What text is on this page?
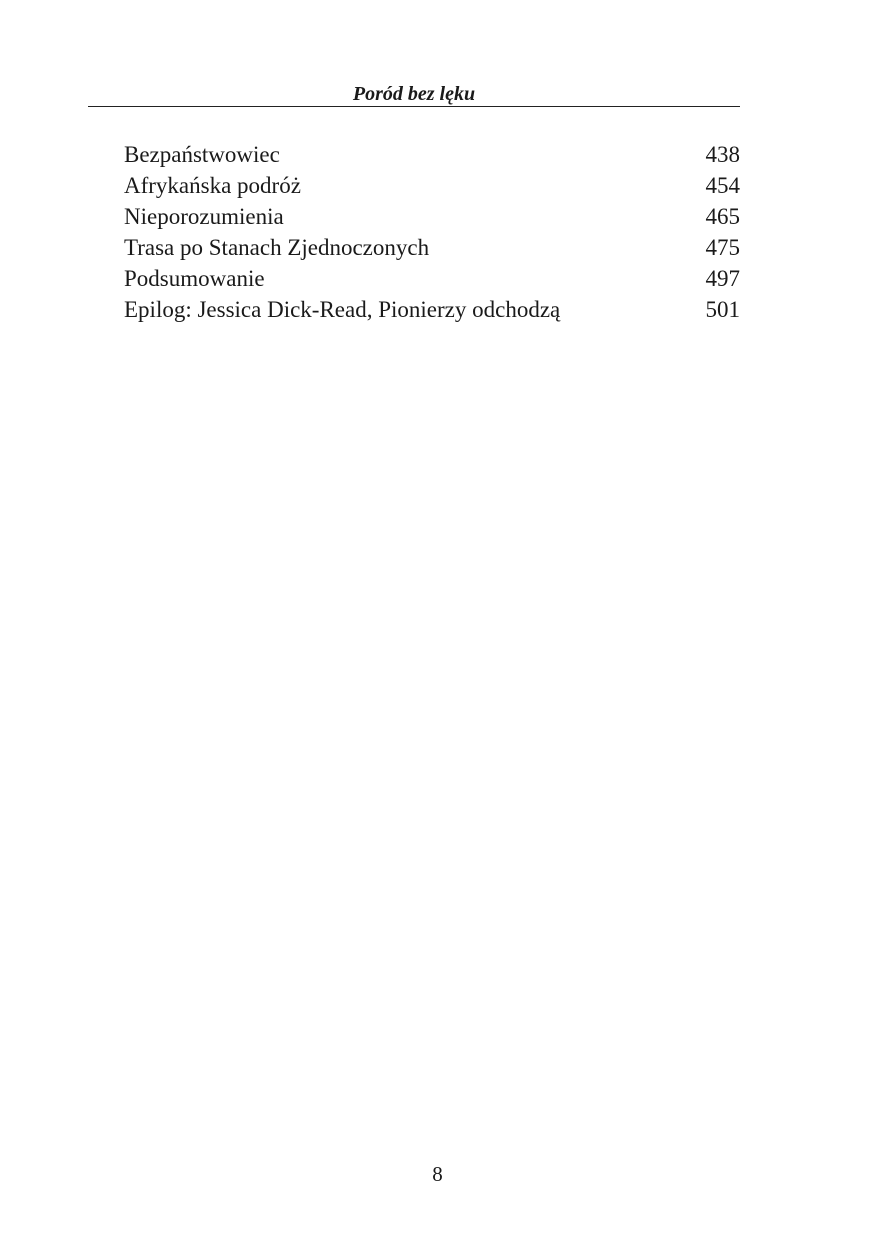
Poród bez lęku
Bezpaństwowiec	438
Afrykańska podróż	454
Nieporozumienia	465
Trasa po Stanach Zjednoczonych	475
Podsumowanie	497
Epilog: Jessica Dick-Read, Pionierzy odchodzą	501
8
